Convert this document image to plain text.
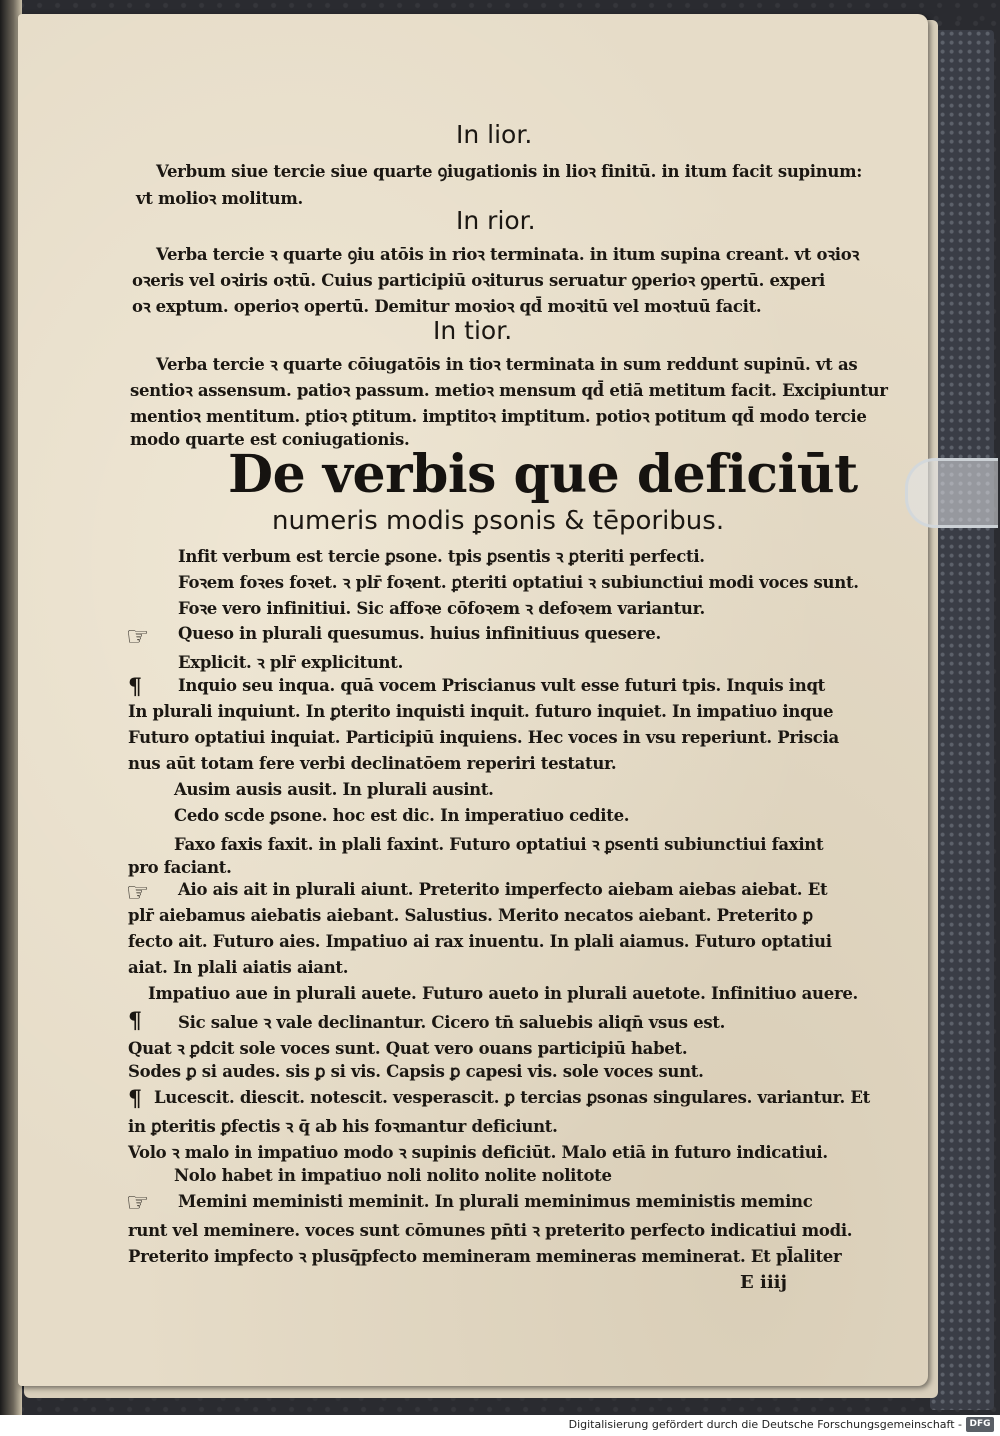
In lior.
Verbum siue tercie siue quarte ꝯiugationis in lioꝛ finitū. in itum facit supinum:
vt molioꝛ molitum.
In rior.
Verba tercie ꝛ quarte ꝯiu atōis in rioꝛ terminata. in itum supina creant. vt oꝛioꝛ
oꝛeris vel oꝛiris oꝛtū. Cuius participiū oꝛiturus seruatur ꝯperioꝛ ꝯpertū. experi
oꝛ exptum. operioꝛ opertū. Demitur moꝛioꝛ qd̄ moꝛitū vel moꝛtuū facit.
In tior.
Verba tercie ꝛ quarte cōiugatōis in tioꝛ terminata in sum reddunt supinū. vt as
sentioꝛ assensum. patioꝛ passum. metioꝛ mensum qd̄ etiā metitum facit. Excipiuntur
mentioꝛ mentitum. ꝑtioꝛ ꝑtitum. imptitoꝛ imptitum. potioꝛ potitum qd̄ modo tercie
modo quarte est coniugationis.
De verbis que deficiūt
numeris modis ꝑsonis & tēporibus.
Infit verbum est tercie ꝑsone. tpis ꝑsentis ꝛ ꝑteriti perfecti.
Foꝛem foꝛes foꝛet. ꝛ plr̄ foꝛent. ꝑteriti optatiui ꝛ subiunctiui modi voces sunt.
Foꝛe vero infinitiui. Sic affoꝛe cōfoꝛem ꝛ defoꝛem variantur.
☞ Queso in plurali quesumus. huius infinitiuus quesere.
Explicit. ꝛ plr̄ explicitunt.
¶ Inquio seu inqua. quā vocem Priscianus vult esse futuri tpis. Inquis inqt
In plurali inquiunt. In ꝑterito inquisti inquit. futuro inquiet. In impatiuo inque
Futuro optatiui inquiat. Participiū inquiens. Hec voces in vsu reperiunt. Priscia
nus aūt totam fere verbi declinatōem reperiri testatur.
Ausim ausis ausit. In plurali ausint.
Cedo scde ꝑsone. hoc est dic. In imperatiuo cedite.
Faxo faxis faxit. in plali faxint. Futuro optatiui ꝛ ꝑsenti subiunctiui faxint
pro faciant.
☞ Aio ais ait in plurali aiunt. Preterito imperfecto aiebam aiebas aiebat. Et
plr̄ aiebamus aiebatis aiebant. Salustius. Merito necatos aiebant. Preterito ꝑ
fecto ait. Futuro aies. Impatiuo ai rax inuentu. In plali aiamus. Futuro optatiui
aiat. In plali aiatis aiant.
Impatiuo aue in plurali auete. Futuro aueto in plurali auetote. Infinitiuo auere.
¶ Sic salue ꝛ vale declinantur. Cicero tn̄ saluebis aliqn̄ vsus est.
Quat ꝛ ꝑdcit sole voces sunt. Quat vero ouans participiū habet.
Sodes ꝑ si audes. sis ꝑ si vis. Capsis ꝑ capesi vis. sole voces sunt.
¶ Lucescit. diescit. notescit. vesperascit. ꝑ tercias ꝑsonas singulares. variantur. Et
in ꝑteritis ꝑfectis ꝛ q̄ ab his foꝛmantur deficiunt.
Volo ꝛ malo in impatiuo modo ꝛ supinis deficiūt. Malo etiā in futuro indicatiui.
Nolo habet in impatiuo noli nolito nolite nolitote
☞ Memini meministi meminit. In plurali meminimus meministis meminc
runt vel meminere. voces sunt cōmunes pn̄ti ꝛ preterito perfecto indicatiui modi.
Preterito impfecto ꝛ plusq̄pfecto memineram memineras meminerat. Et pl̄aliter
E iiij
Digitalisierung gefördert durch die Deutsche Forschungsgemeinschaft - DFG
